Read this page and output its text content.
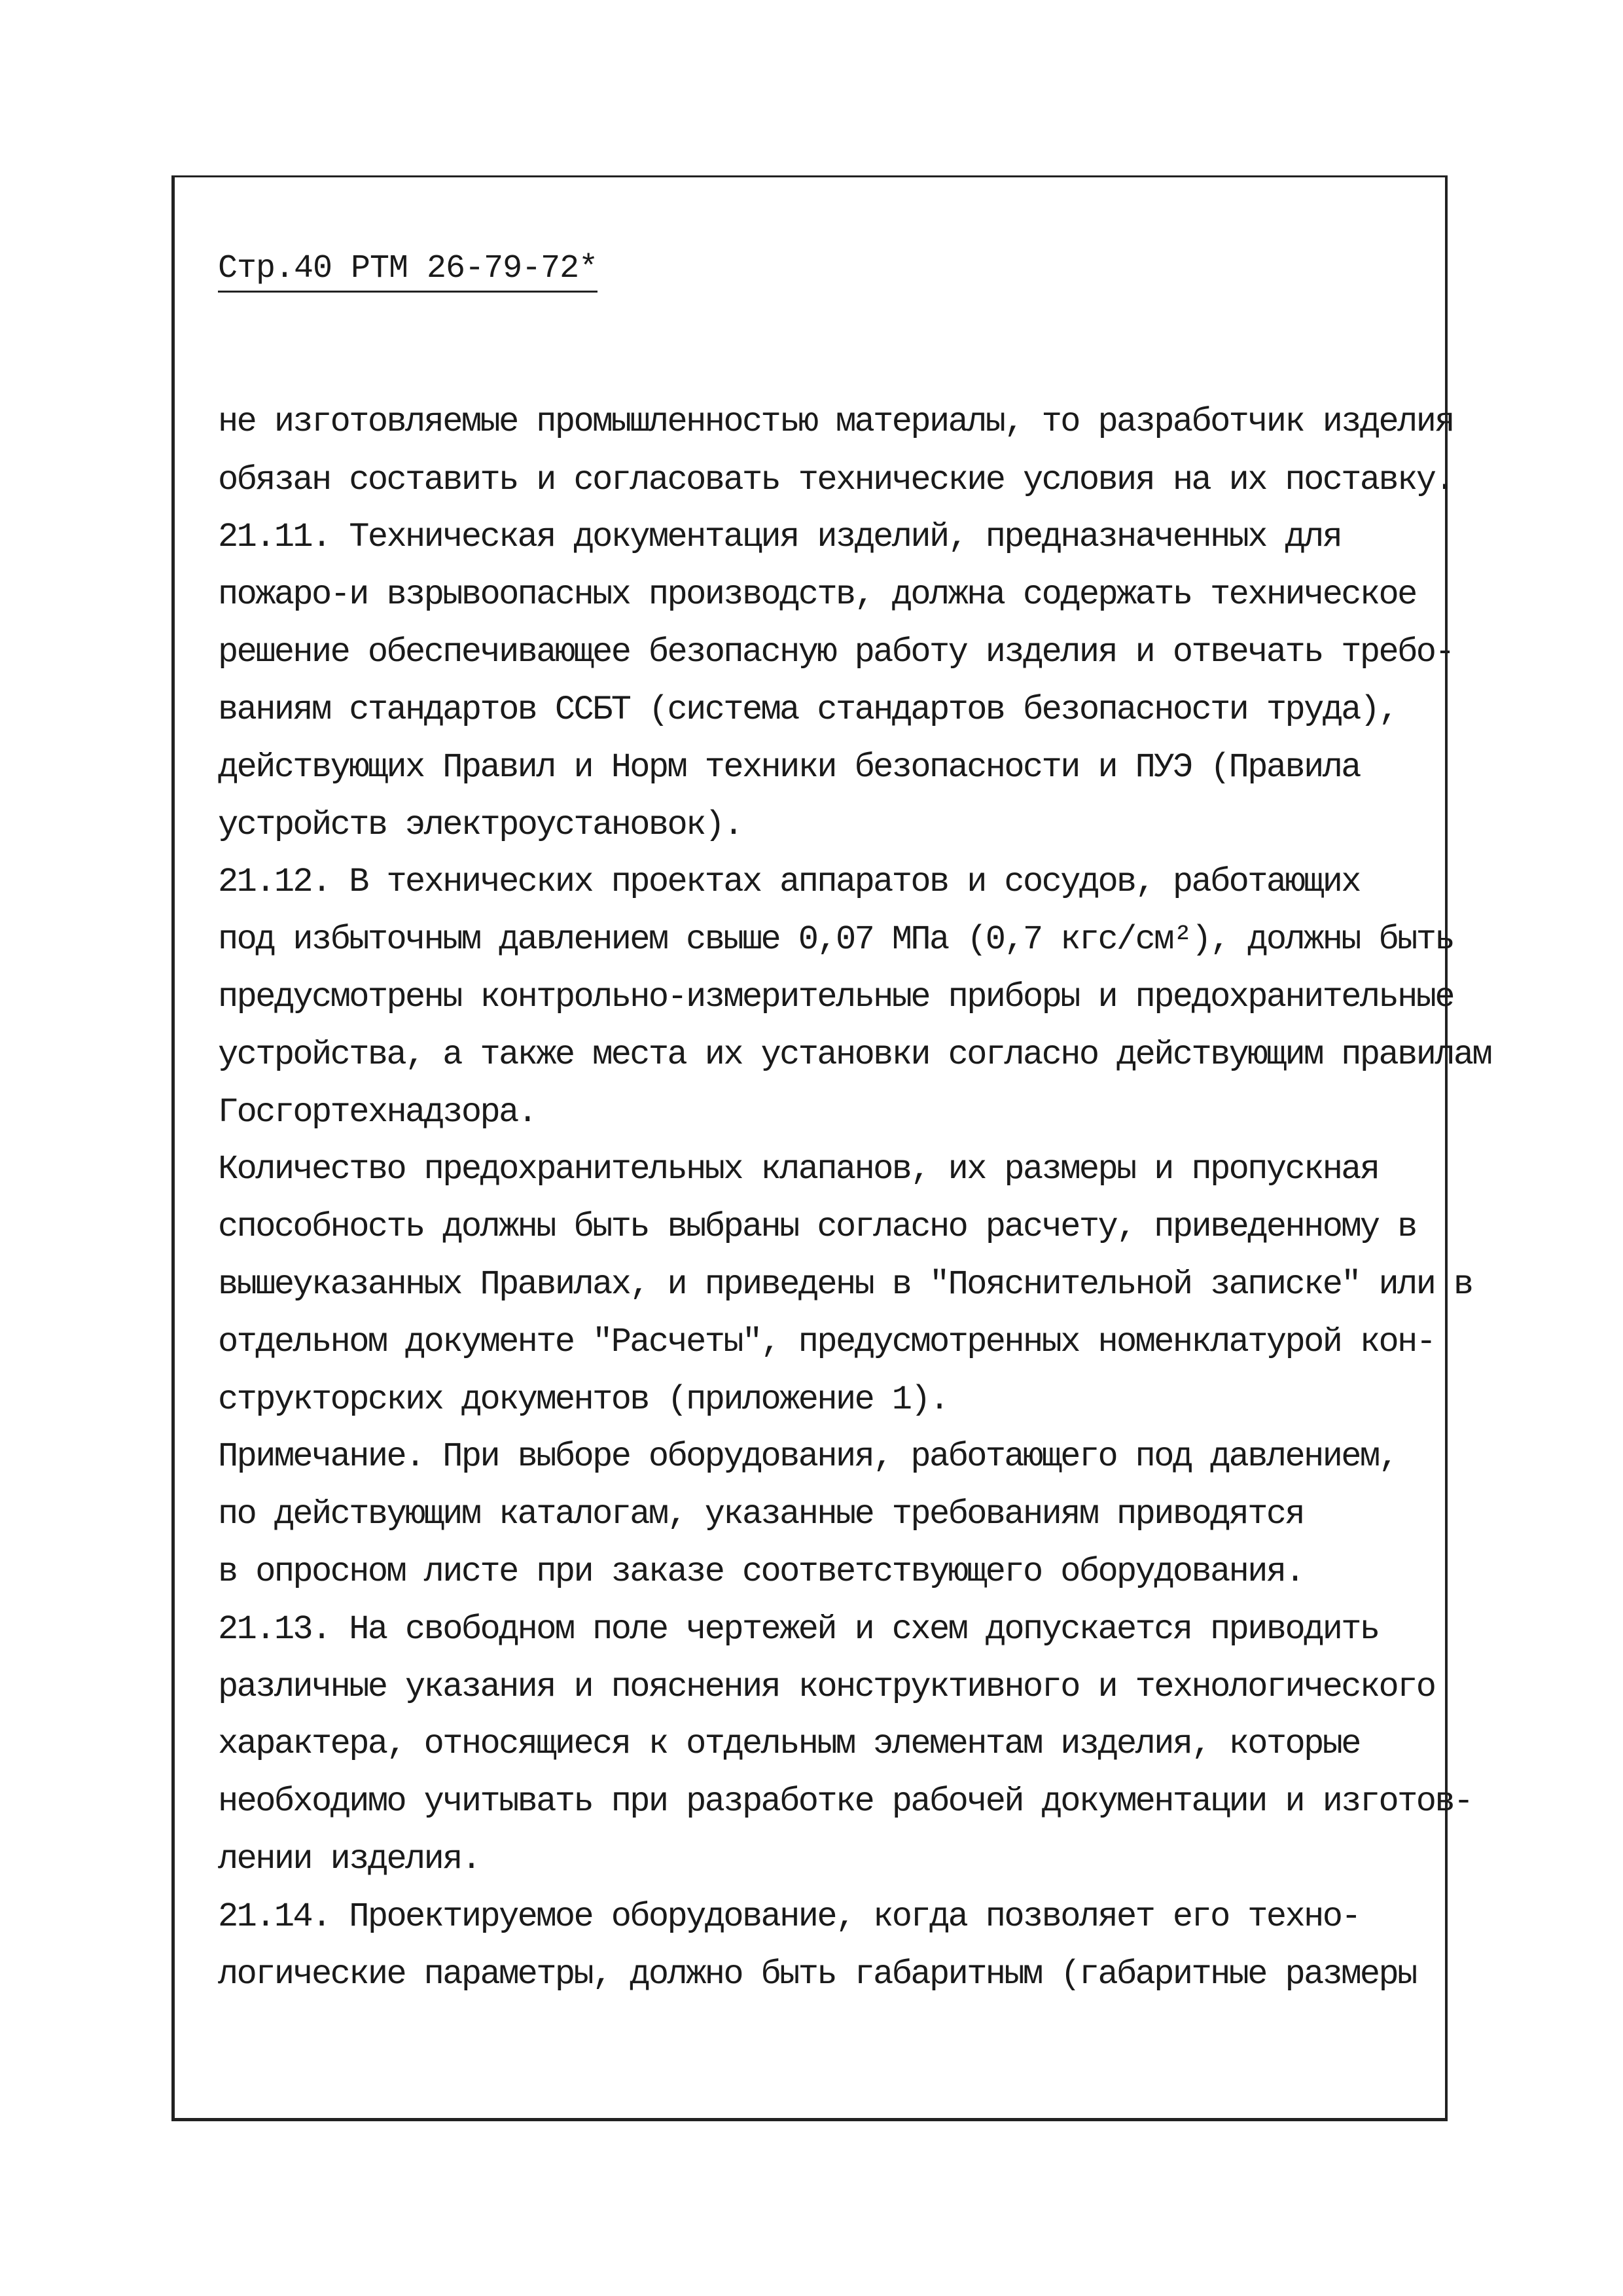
Стр.40 РТМ 26-79-72*
не изготовляемые промышленностью материалы, то разработчик изделия
обязан составить и согласовать технические условия на их поставку.
21.11. Техническая документация изделий, предназначенных для
пожаро-и взрывоопасных производств, должна содержать техническое
решение обеспечивающее безопасную работу изделия и отвечать требо-
ваниям стандартов ССБТ (система стандартов безопасности труда),
действующих Правил и Норм техники безопасности и ПУЭ (Правила
устройств электроустановок).
21.12. В технических проектах аппаратов и сосудов, работающих
под избыточным давлением свыше 0,07 МПа (0,7 кгс/см²), должны быть
предусмотрены контрольно-измерительные приборы и предохранительные
устройства, а также места их установки согласно действующим правилам
Госгортехнадзора.
Количество предохранительных клапанов, их размеры и пропускная
способность должны быть выбраны согласно расчету, приведенному в
вышеуказанных Правилах, и приведены в "Пояснительной записке" или в
отдельном документе "Расчеты", предусмотренных номенклатурой кон-
структорских документов (приложение 1).
Примечание. При выборе оборудования, работающего под давлением,
по действующим каталогам, указанные требованиям приводятся
в опросном листе при заказе соответствующего оборудования.
21.13. На свободном поле чертежей и схем допускается приводить
различные указания и пояснения конструктивного и технологического
характера, относящиеся к отдельным элементам изделия, которые
необходимо учитывать при разработке рабочей документации и изготов-
лении изделия.
21.14. Проектируемое оборудование, когда позволяет его техно-
логические параметры, должно быть габаритным (габаритные размеры
